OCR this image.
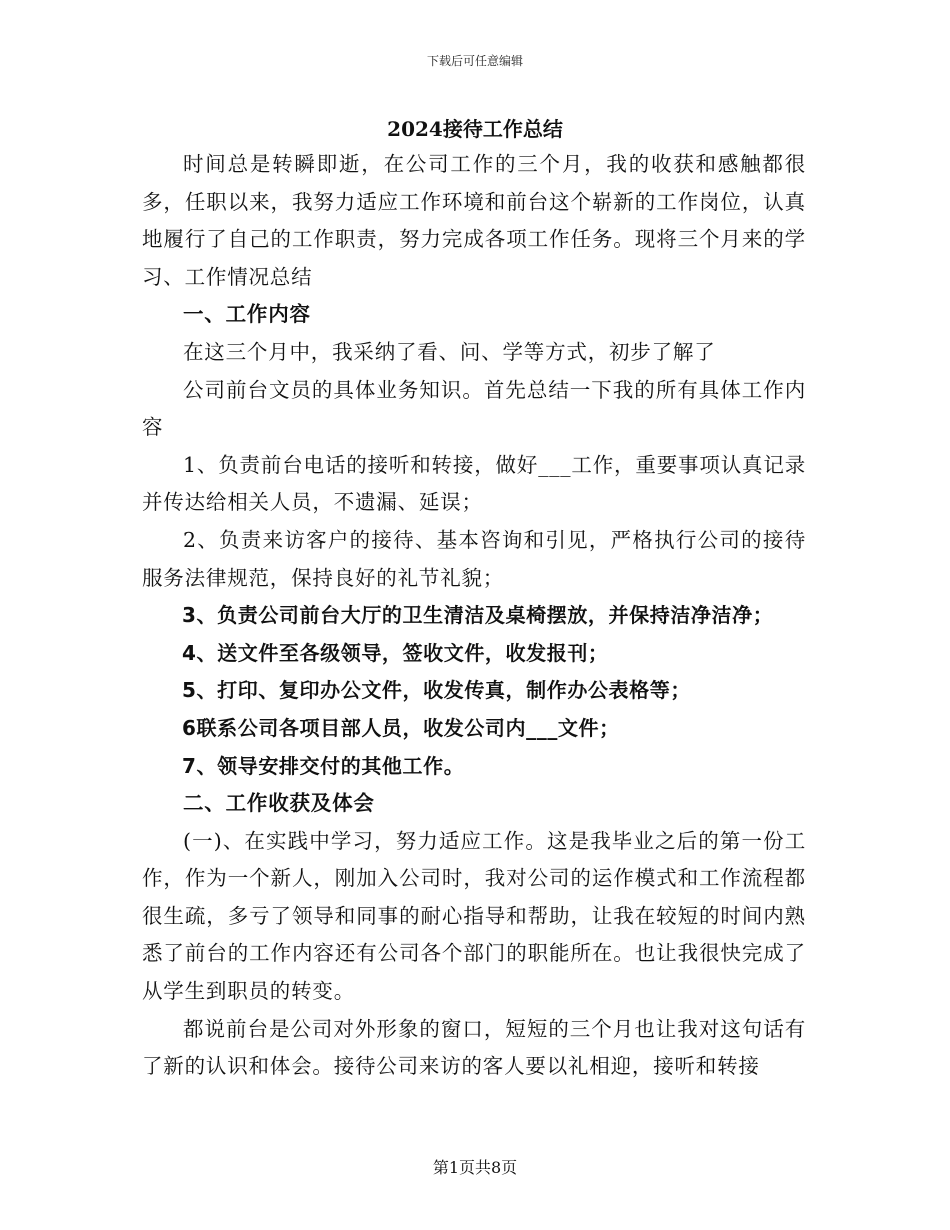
下载后可任意编辑
2024接待工作总结

时间总是转瞬即逝，在公司工作的三个月，我的收获和感触都很多，任职以来，我努力适应工作环境和前台这个崭新的工作岗位，认真地履行了自己的工作职责，努力完成各项工作任务。现将三个月来的学习、工作情况总结

一、工作内容

在这三个月中，我采纳了看、问、学等方式，初步了解了

公司前台文员的具体业务知识。首先总结一下我的所有具体工作内容

1、负责前台电话的接听和转接，做好___工作，重要事项认真记录并传达给相关人员，不遗漏、延误；

2、负责来访客户的接待、基本咨询和引见，严格执行公司的接待服务法律规范，保持良好的礼节礼貌；

3、负责公司前台大厅的卫生清洁及桌椅摆放，并保持洁净洁净；

4、送文件至各级领导，签收文件，收发报刊；

5、打印、复印办公文件，收发传真，制作办公表格等；

6联系公司各项目部人员，收发公司内___文件；

7、领导安排交付的其他工作。

二、工作收获及体会

(一)、在实践中学习，努力适应工作。这是我毕业之后的第一份工作，作为一个新人，刚加入公司时，我对公司的运作模式和工作流程都很生疏，多亏了领导和同事的耐心指导和帮助，让我在较短的时间内熟悉了前台的工作内容还有公司各个部门的职能所在。也让我很快完成了从学生到职员的转变。

都说前台是公司对外形象的窗口，短短的三个月也让我对这句话有了新的认识和体会。接待公司来访的客人要以礼相迎，接听和转接

第1页共8页
